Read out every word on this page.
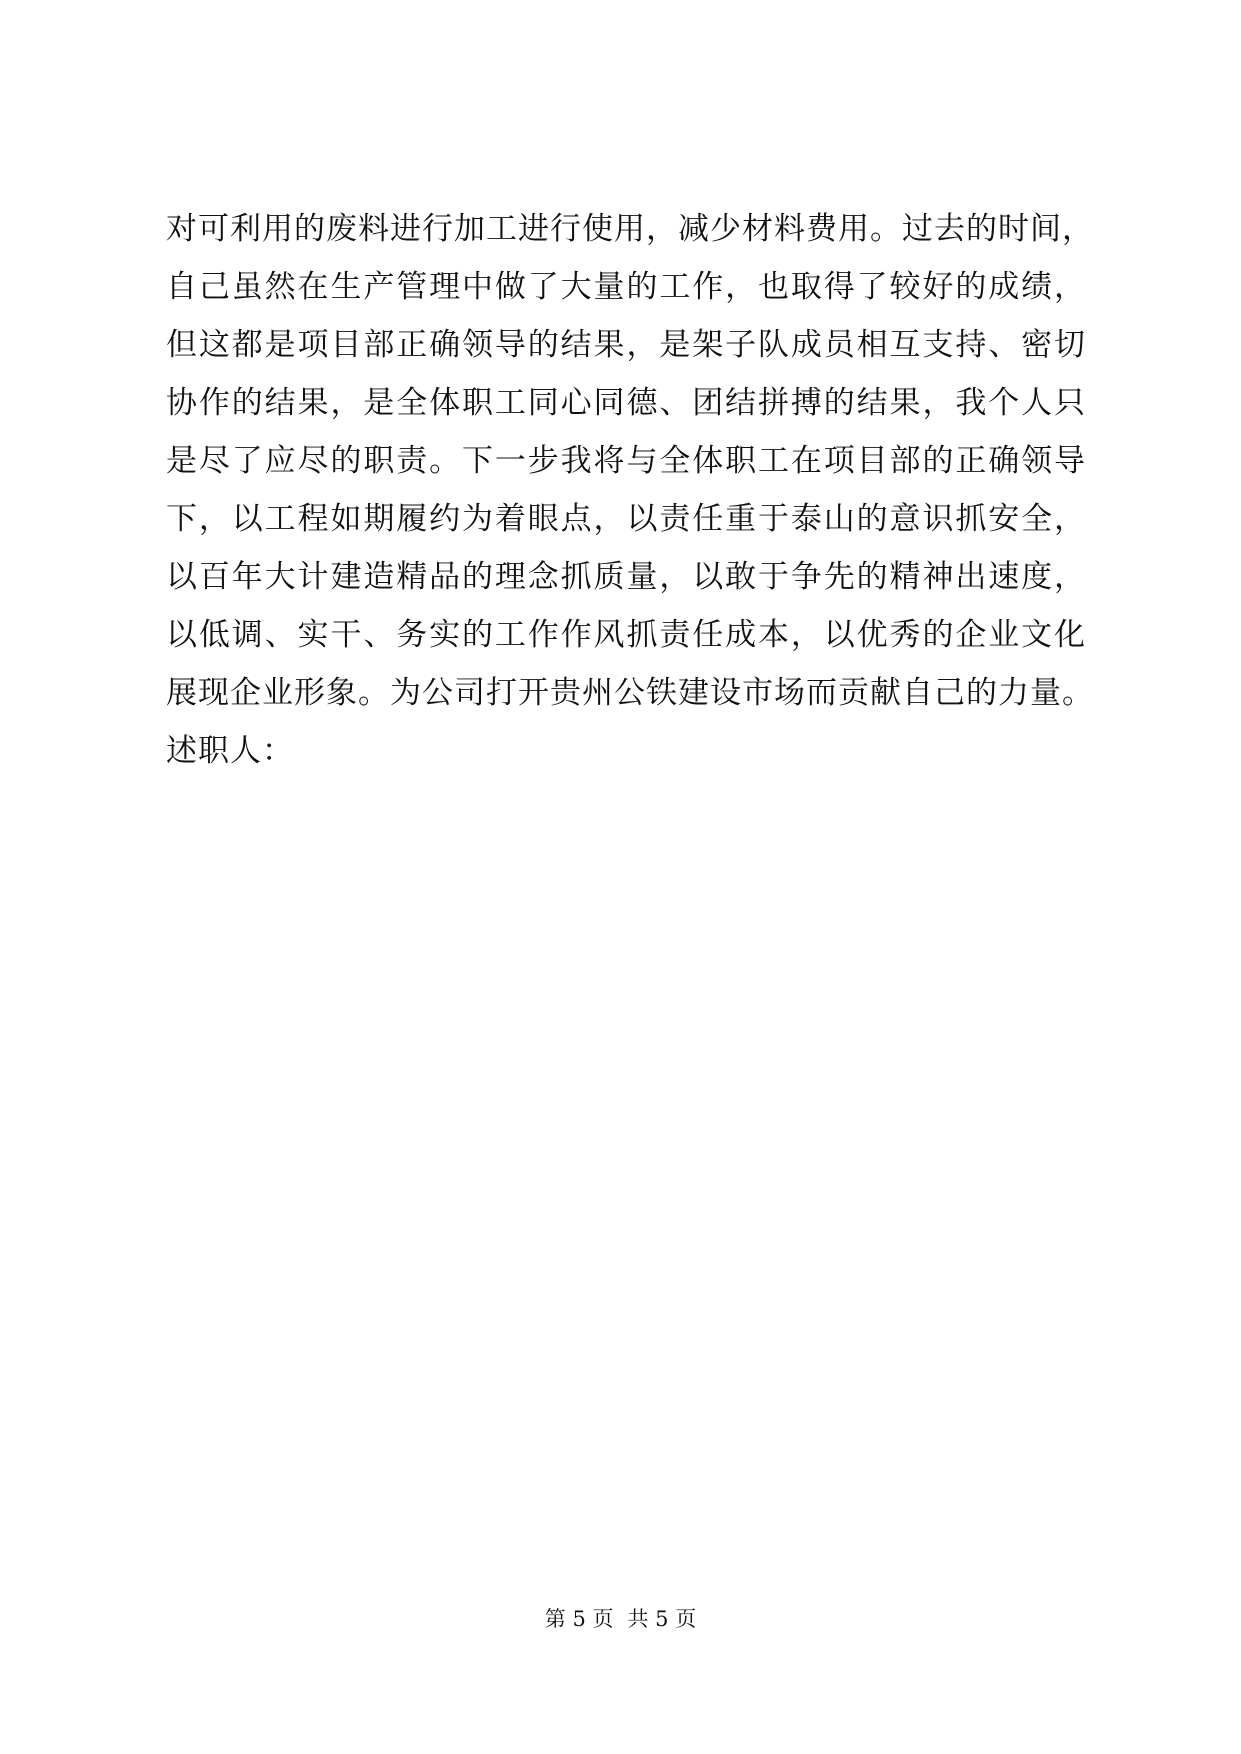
对可利用的废料进行加工进行使用，减少材料费用。过去的时间，
自己虽然在生产管理中做了大量的工作，也取得了较好的成绩，
但这都是项目部正确领导的结果，是架子队成员相互支持、密切
协作的结果，是全体职工同心同德、团结拼搏的结果，我个人只
是尽了应尽的职责。下一步我将与全体职工在项目部的正确领导
下，以工程如期履约为着眼点，以责任重于泰山的意识抓安全，
以百年大计建造精品的理念抓质量，以敢于争先的精神出速度，
以低调、实干、务实的工作作风抓责任成本，以优秀的企业文化
展现企业形象。为公司打开贵州公铁建设市场而贡献自己的力量。
述职人：
第 5 页 共 5 页
